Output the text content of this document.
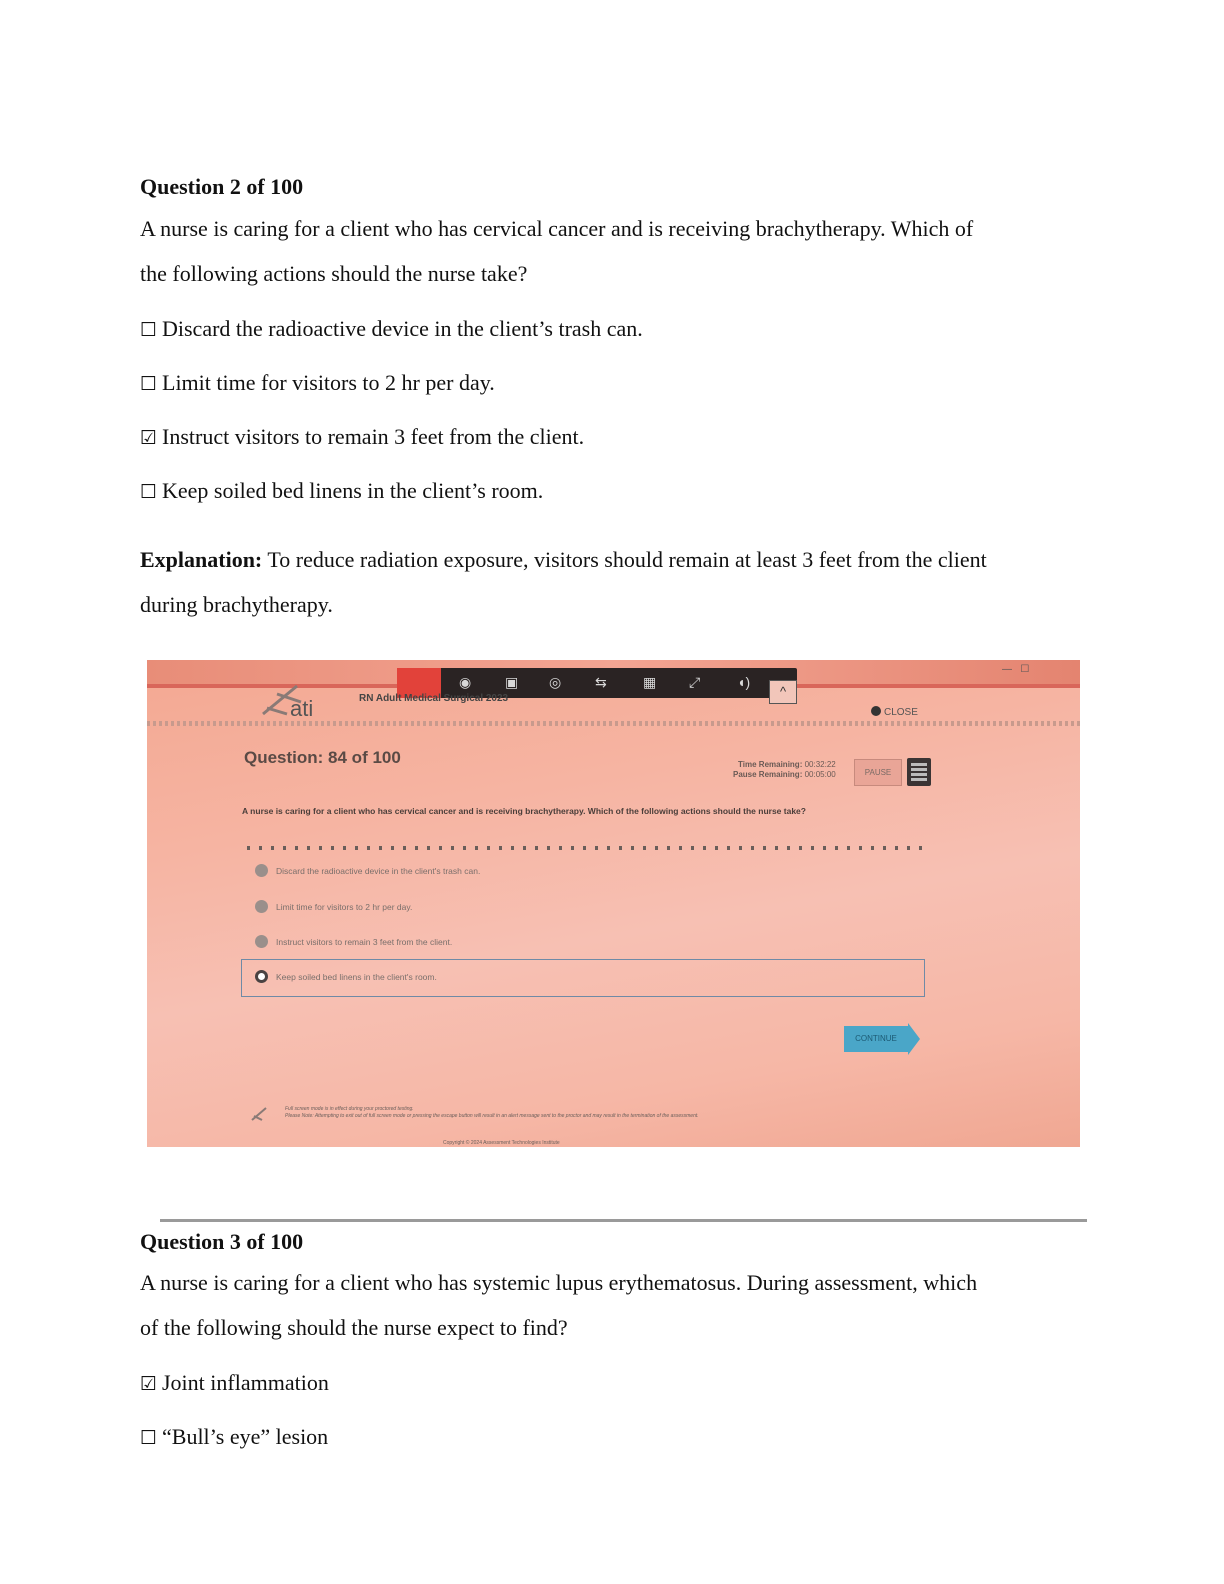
Question 2 of 100
A nurse is caring for a client who has cervical cancer and is receiving brachytherapy. Which of
the following actions should the nurse take?
☐ Discard the radioactive device in the client’s trash can.
☐ Limit time for visitors to 2 hr per day.
☑ Instruct visitors to remain 3 feet from the client.
☐ Keep soiled bed linens in the client’s room.
Explanation: To reduce radiation exposure, visitors should remain at least 3 feet from the client
during brachytherapy.
—   ☐
◉ ▣ ◎ ⇆	▦ ⤢	◖)
^
ati	RN Adult Medical Surgical 2023
CLOSE
Question: 84 of 100	Time Remaining: 00:32:22
Pause Remaining: 00:05:00	PAUSE
A nurse is caring for a client who has cervical cancer and is receiving brachytherapy. Which of the following actions should the nurse take?
Discard the radioactive device in the client's trash can.
Limit time for visitors to 2 hr per day.
Instruct visitors to remain 3 feet from the client.
Keep soiled bed linens in the client's room.
CONTINUE
Full screen mode is in effect during your proctored testing.
Please Note: Attempting to exit out of full screen mode or pressing the escape button will result in an alert message sent to the proctor and may result in the termination of the assessment.
Copyright © 2024 Assessment Technologies Institute
Question 3 of 100
A nurse is caring for a client who has systemic lupus erythematosus. During assessment, which
of the following should the nurse expect to find?
☑ Joint inflammation
☐ “Bull’s eye” lesion
